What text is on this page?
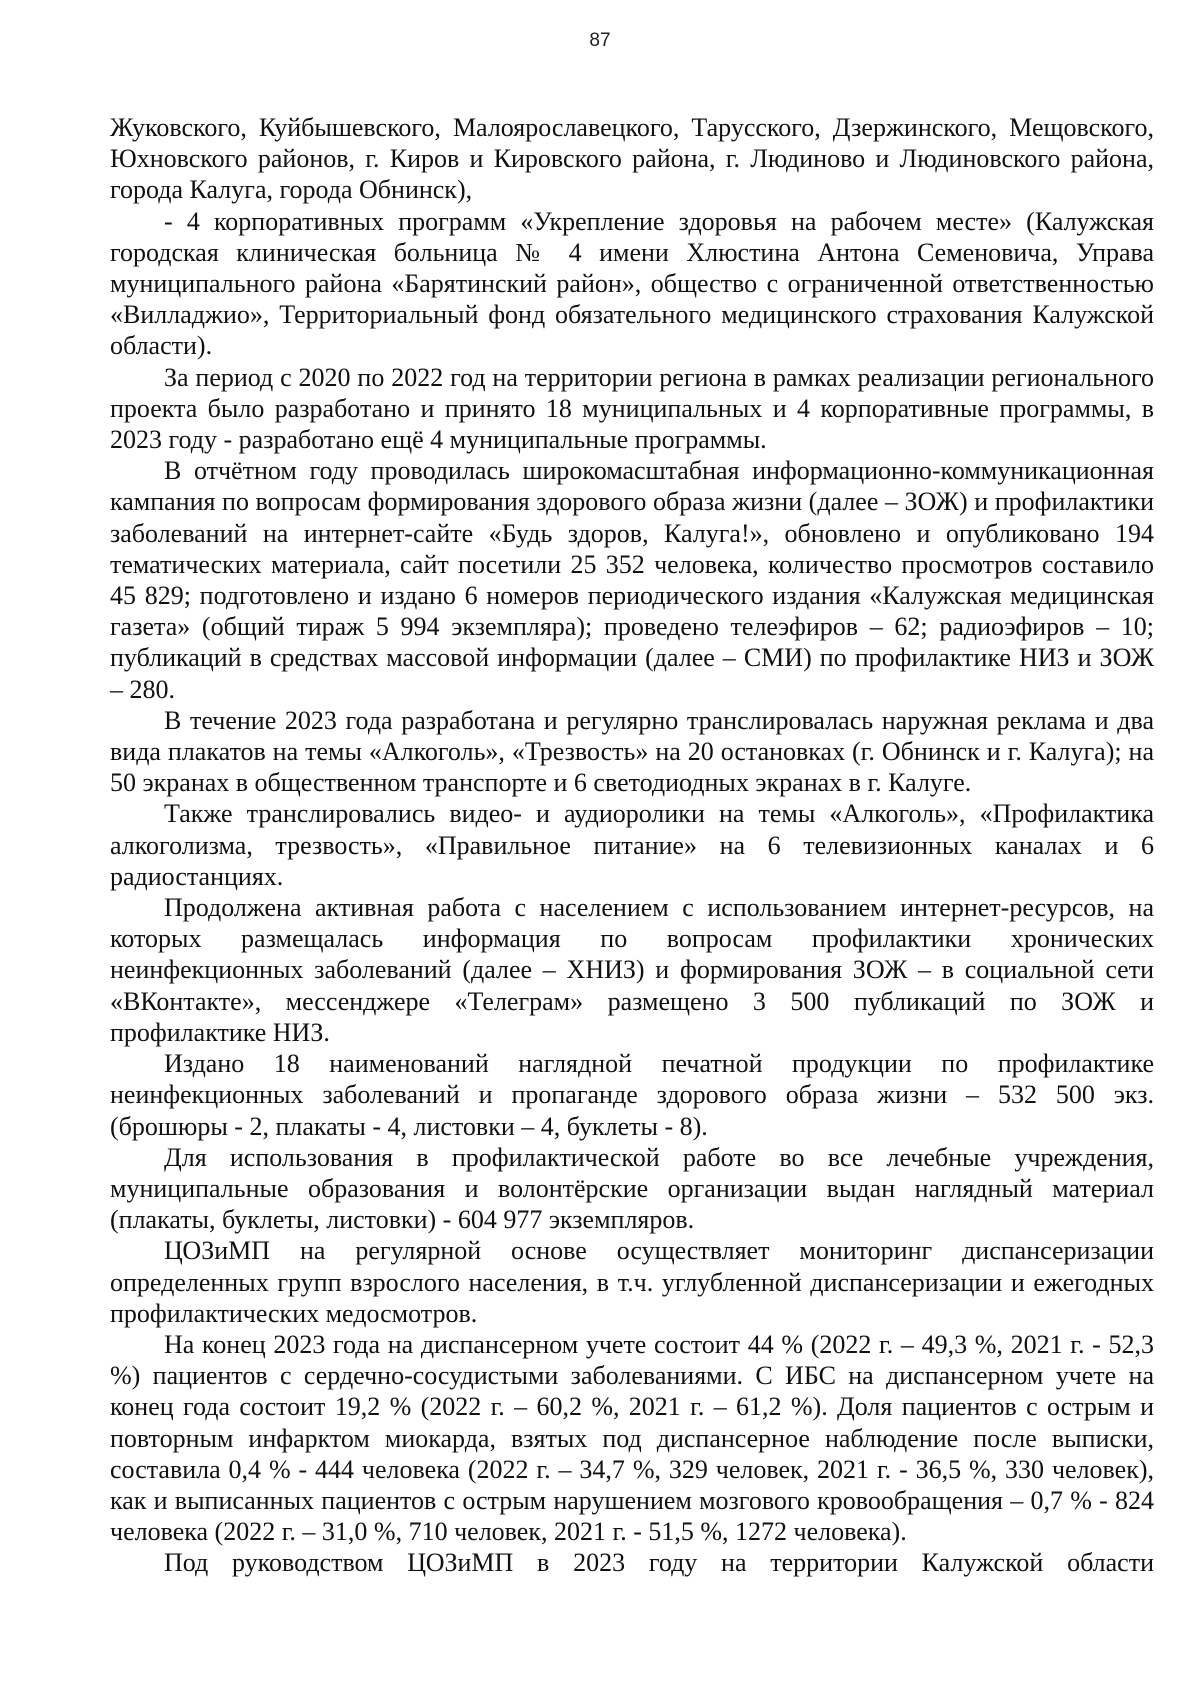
87

Жуковского, Куйбышевского, Малоярославецкого, Тарусского, Дзержинского, Мещовского, Юхновского районов, г. Киров и Кировского района, г. Людиново и Людиновского района, города Калуга, города Обнинск),

- 4 корпоративных программ «Укрепление здоровья на рабочем месте» (Калужская городская клиническая больница № 4 имени Хлюстина Антона Семеновича, Управа муниципального района «Барятинский район», общество с ограниченной ответственностью «Вилладжио», Территориальный фонд обязательного медицинского страхования Калужской области).

За период с 2020 по 2022 год на территории региона в рамках реализации регионального проекта было разработано и принято 18 муниципальных и 4 корпоративные программы, в 2023 году - разработано ещё 4 муниципальные программы.

В отчётном году проводилась широкомасштабная информационно-коммуникационная кампания по вопросам формирования здорового образа жизни (далее – ЗОЖ) и профилактики заболеваний на интернет-сайте «Будь здоров, Калуга!», обновлено и опубликовано 194 тематических материала, сайт посетили 25 352 человека, количество просмотров составило 45 829; подготовлено и издано 6 номеров периодического издания «Калужская медицинская газета» (общий тираж 5 994 экземпляра); проведено телеэфиров – 62; радиоэфиров – 10; публикаций в средствах массовой информации (далее – СМИ) по профилактике НИЗ и ЗОЖ – 280.

В течение 2023 года разработана и регулярно транслировалась наружная реклама и два вида плакатов на темы «Алкоголь», «Трезвость» на 20 остановках (г. Обнинск и г. Калуга); на 50 экранах в общественном транспорте и 6 светодиодных экранах в г. Калуге.

Также транслировались видео- и аудиоролики на темы «Алкоголь», «Профилактика алкоголизма, трезвость», «Правильное питание» на 6 телевизионных каналах и 6 радиостанциях.

Продолжена активная работа с населением с использованием интернет-ресурсов, на которых размещалась информация по вопросам профилактики хронических неинфекционных заболеваний (далее – ХНИЗ) и формирования ЗОЖ – в социальной сети «ВКонтакте», мессенджере «Телеграм» размещено 3 500 публикаций по ЗОЖ и профилактике НИЗ.

Издано 18 наименований наглядной печатной продукции по профилактике неинфекционных заболеваний и пропаганде здорового образа жизни – 532 500 экз. (брошюры - 2, плакаты - 4, листовки – 4, буклеты - 8).

Для использования в профилактической работе во все лечебные учреждения, муниципальные образования и волонтёрские организации выдан наглядный материал (плакаты, буклеты, листовки) - 604 977 экземпляров.

ЦОЗиМП на регулярной основе осуществляет мониторинг диспансеризации определенных групп взрослого населения, в т.ч. углубленной диспансеризации и ежегодных профилактических медосмотров.

На конец 2023 года на диспансерном учете состоит 44 % (2022 г. – 49,3 %, 2021 г. - 52,3 %) пациентов с сердечно-сосудистыми заболеваниями. С ИБС на диспансерном учете на конец года состоит 19,2 % (2022 г. – 60,2 %, 2021 г. – 61,2 %). Доля пациентов с острым и повторным инфарктом миокарда, взятых под диспансерное наблюдение после выписки, составила 0,4 % - 444 человека (2022 г. – 34,7 %, 329 человек, 2021 г. - 36,5 %, 330 человек), как и выписанных пациентов с острым нарушением мозгового кровообращения – 0,7 % - 824 человека (2022 г. – 31,0 %, 710 человек, 2021 г. - 51,5 %, 1272 человека).

Под руководством ЦОЗиМП в 2023 году на территории Калужской области
